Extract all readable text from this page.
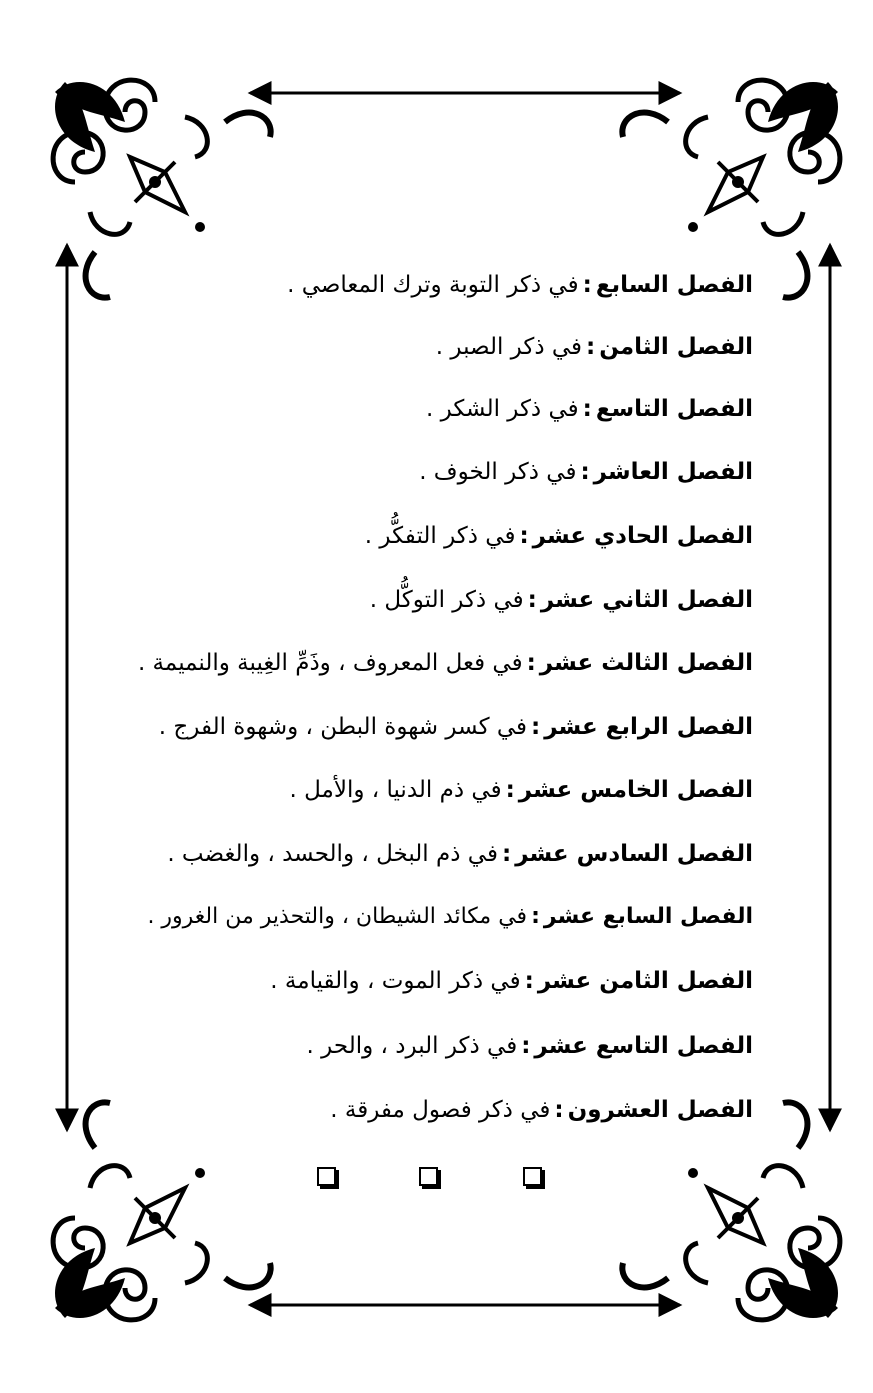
الفصل السابع:في ذكر التوبة وترك المعاصي .
الفصل الثامن:في ذكر الصبر .
الفصل التاسع:في ذكر الشكر .
الفصل العاشر:في ذكر الخوف .
الفصل الحادي عشر:في ذكر التفكُّر .
الفصل الثاني عشر:في ذكر التوكُّل .
الفصل الثالث عشر:في فعل المعروف ، وذَمِّ الغِيبة والنميمة .
الفصل الرابع عشر:في كسر شهوة البطن ، وشهوة الفرج .
الفصل الخامس عشر:في ذم الدنيا ، والأمل .
الفصل السادس عشر:في ذم البخل ، والحسد ، والغضب .
الفصل السابع عشر:في مكائد الشيطان ، والتحذير من الغرور .
الفصل الثامن عشر:في ذكر الموت ، والقيامة .
الفصل التاسع عشر:في ذكر البرد ، والحر .
الفصل العشرون:في ذكر فصول مفرقة .
